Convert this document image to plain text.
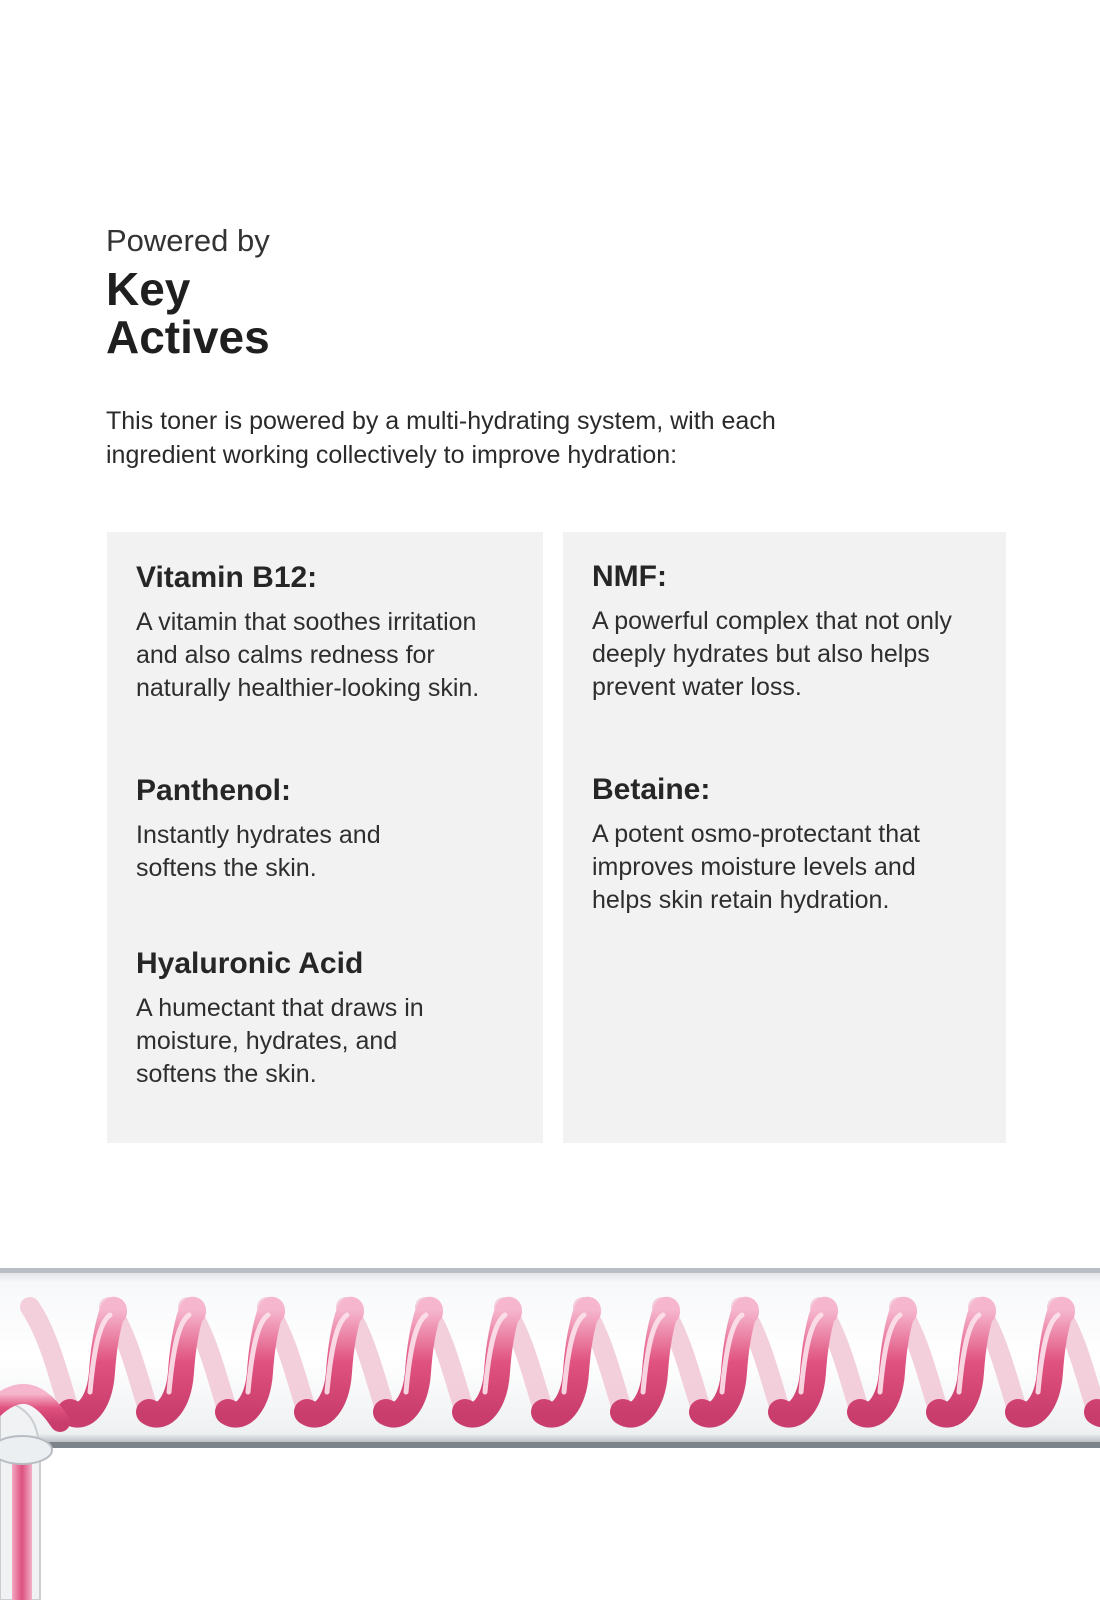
Powered by
Key
Actives
This toner is powered by a multi-hydrating system, with each ingredient working collectively to improve hydration:
Vitamin B12:
A vitamin that soothes irritation and also calms redness for naturally healthier-looking skin.
Panthenol:
Instantly hydrates and softens the skin.
Hyaluronic Acid
A humectant that draws in moisture, hydrates, and softens the skin.
NMF:
A powerful complex that not only deeply hydrates but also helps prevent water loss.
Betaine:
A potent osmo-protectant that improves moisture levels and helps skin retain hydration.
